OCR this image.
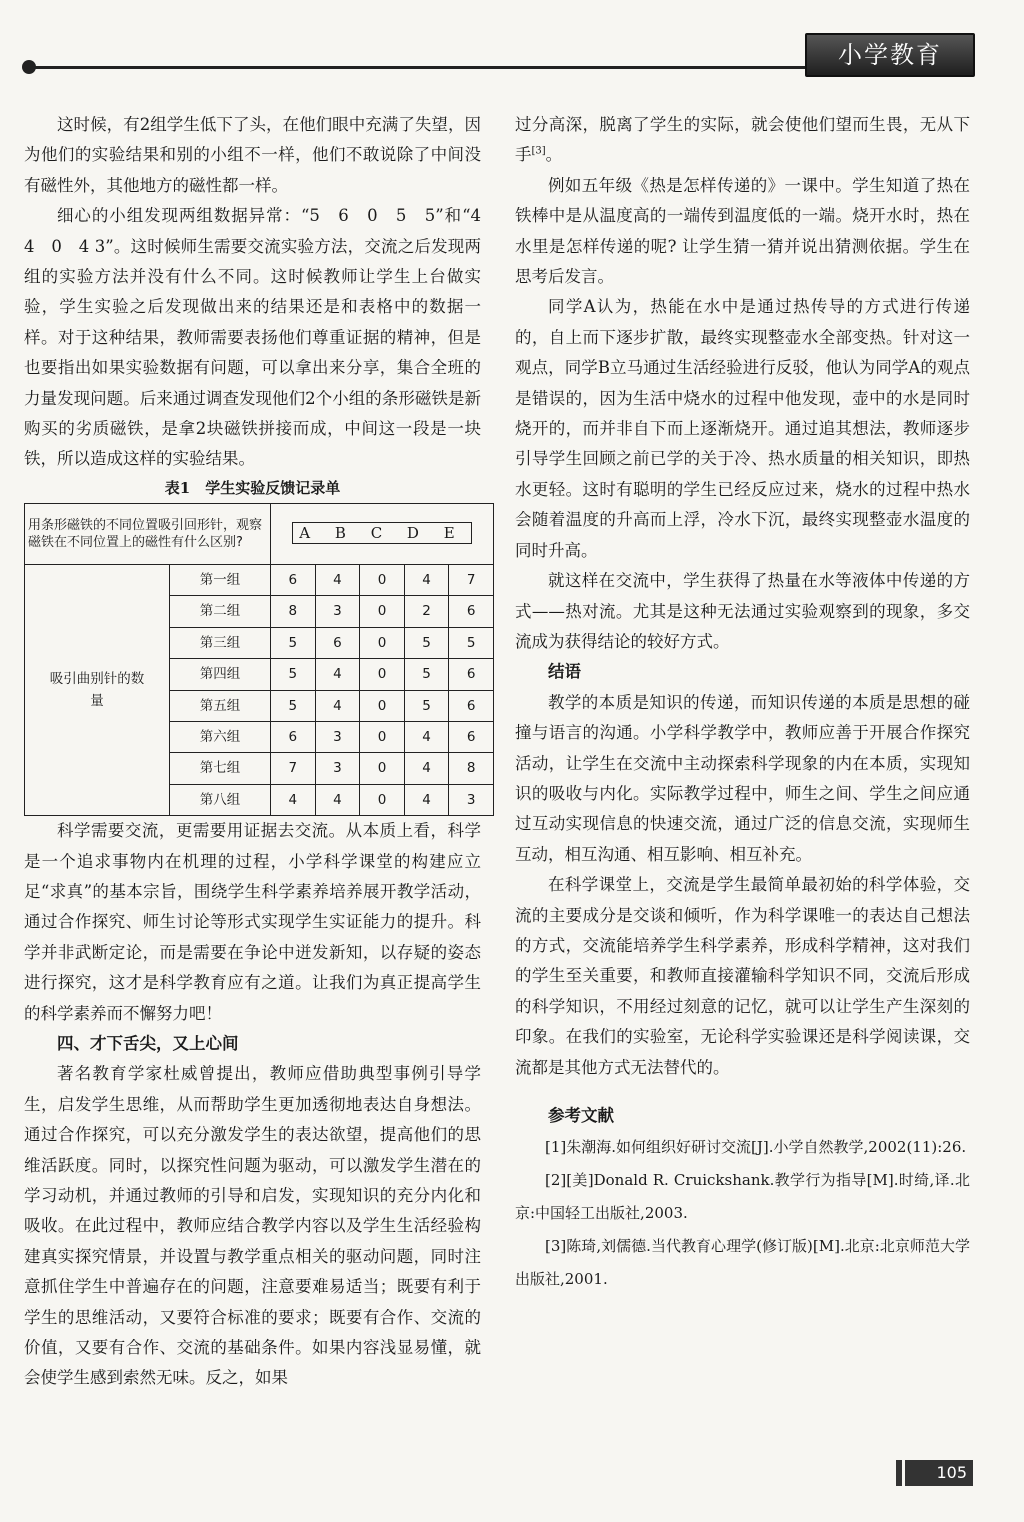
小学教育

这时候，有2组学生低下了头，在他们眼中充满了失望，因为他们的实验结果和别的小组不一样，他们不敢说除了中间没有磁性外，其他地方的磁性都一样。

细心的小组发现两组数据异常：“5　6　0　5　5”和“4　4　0　4 3”。这时候师生需要交流实验方法，交流之后发现两组的实验方法并没有什么不同。这时候教师让学生上台做实验，学生实验之后发现做出来的结果还是和表格中的数据一样。对于这种结果，教师需要表扬他们尊重证据的精神，但是也要指出如果实验数据有问题，可以拿出来分享，集合全班的力量发现问题。后来通过调查发现他们2个小组的条形磁铁是新购买的劣质磁铁，是拿2块磁铁拼接而成，中间这一段是一块铁，所以造成这样的实验结果。

表1　学生实验反馈记录单
用条形磁铁的不同位置吸引回形针，观察磁铁在不同位置上的磁性有什么区别?		A B C D E				
吸引曲别针的数量	第一组	6	4	0	4	7
	第二组	8	3	0	2	6
	第三组	5	6	0	5	5
	第四组	5	4	0	5	6
	第五组	5	4	0	5	6
	第六组	6	3	0	4	6
	第七组	7	3	0	4	8
	第八组	4	4	0	4	3

科学需要交流，更需要用证据去交流。从本质上看，科学是一个追求事物内在机理的过程，小学科学课堂的构建应立足“求真”的基本宗旨，围绕学生科学素养培养展开教学活动，通过合作探究、师生讨论等形式实现学生实证能力的提升。科学并非武断定论，而是需要在争论中迸发新知，以存疑的姿态进行探究，这才是科学教育应有之道。让我们为真正提高学生的科学素养而不懈努力吧！

四、才下舌尖，又上心间

著名教育学家杜威曾提出，教师应借助典型事例引导学生，启发学生思维，从而帮助学生更加透彻地表达自身想法。通过合作探究，可以充分激发学生的表达欲望，提高他们的思维活跃度。同时，以探究性问题为驱动，可以激发学生潜在的学习动机，并通过教师的引导和启发，实现知识的充分内化和吸收。在此过程中，教师应结合教学内容以及学生生活经验构建真实探究情景，并设置与教学重点相关的驱动问题，同时注意抓住学生中普遍存在的问题，注意要难易适当；既要有利于学生的思维活动，又要符合标准的要求；既要有合作、交流的价值，又要有合作、交流的基础条件。如果内容浅显易懂，就会使学生感到索然无味。反之，如果

过分高深，脱离了学生的实际，就会使他们望而生畏，无从下手[3]。

例如五年级《热是怎样传递的》一课中。学生知道了热在铁棒中是从温度高的一端传到温度低的一端。烧开水时，热在水里是怎样传递的呢? 让学生猜一猜并说出猜测依据。学生在思考后发言。

同学A认为，热能在水中是通过热传导的方式进行传递的，自上而下逐步扩散，最终实现整壶水全部变热。针对这一观点，同学B立马通过生活经验进行反驳，他认为同学A的观点是错误的，因为生活中烧水的过程中他发现，壶中的水是同时烧开的，而并非自下而上逐渐烧开。通过追其想法，教师逐步引导学生回顾之前已学的关于冷、热水质量的相关知识，即热水更轻。这时有聪明的学生已经反应过来，烧水的过程中热水会随着温度的升高而上浮，冷水下沉，最终实现整壶水温度的同时升高。

就这样在交流中，学生获得了热量在水等液体中传递的方式——热对流。尤其是这种无法通过实验观察到的现象，多交流成为获得结论的较好方式。

结语

教学的本质是知识的传递，而知识传递的本质是思想的碰撞与语言的沟通。小学科学教学中，教师应善于开展合作探究活动，让学生在交流中主动探索科学现象的内在本质，实现知识的吸收与内化。实际教学过程中，师生之间、学生之间应通过互动实现信息的快速交流，通过广泛的信息交流，实现师生互动，相互沟通、相互影响、相互补充。

在科学课堂上，交流是学生最简单最初始的科学体验，交流的主要成分是交谈和倾听，作为科学课唯一的表达自己想法的方式，交流能培养学生科学素养，形成科学精神，这对我们的学生至关重要，和教师直接灌输科学知识不同，交流后形成的科学知识，不用经过刻意的记忆，就可以让学生产生深刻的印象。在我们的实验室，无论科学实验课还是科学阅读课，交流都是其他方式无法替代的。

参考文献
[1]朱潮海.如何组织好研讨交流[J].小学自然教学,2002(11):26.
[2][美]Donald R. Cruickshank.教学行为指导[M].时绮,译.北京:中国轻工出版社,2003.
[3]陈琦,刘儒德.当代教育心理学(修订版)[M].北京:北京师范大学出版社,2001.
105
